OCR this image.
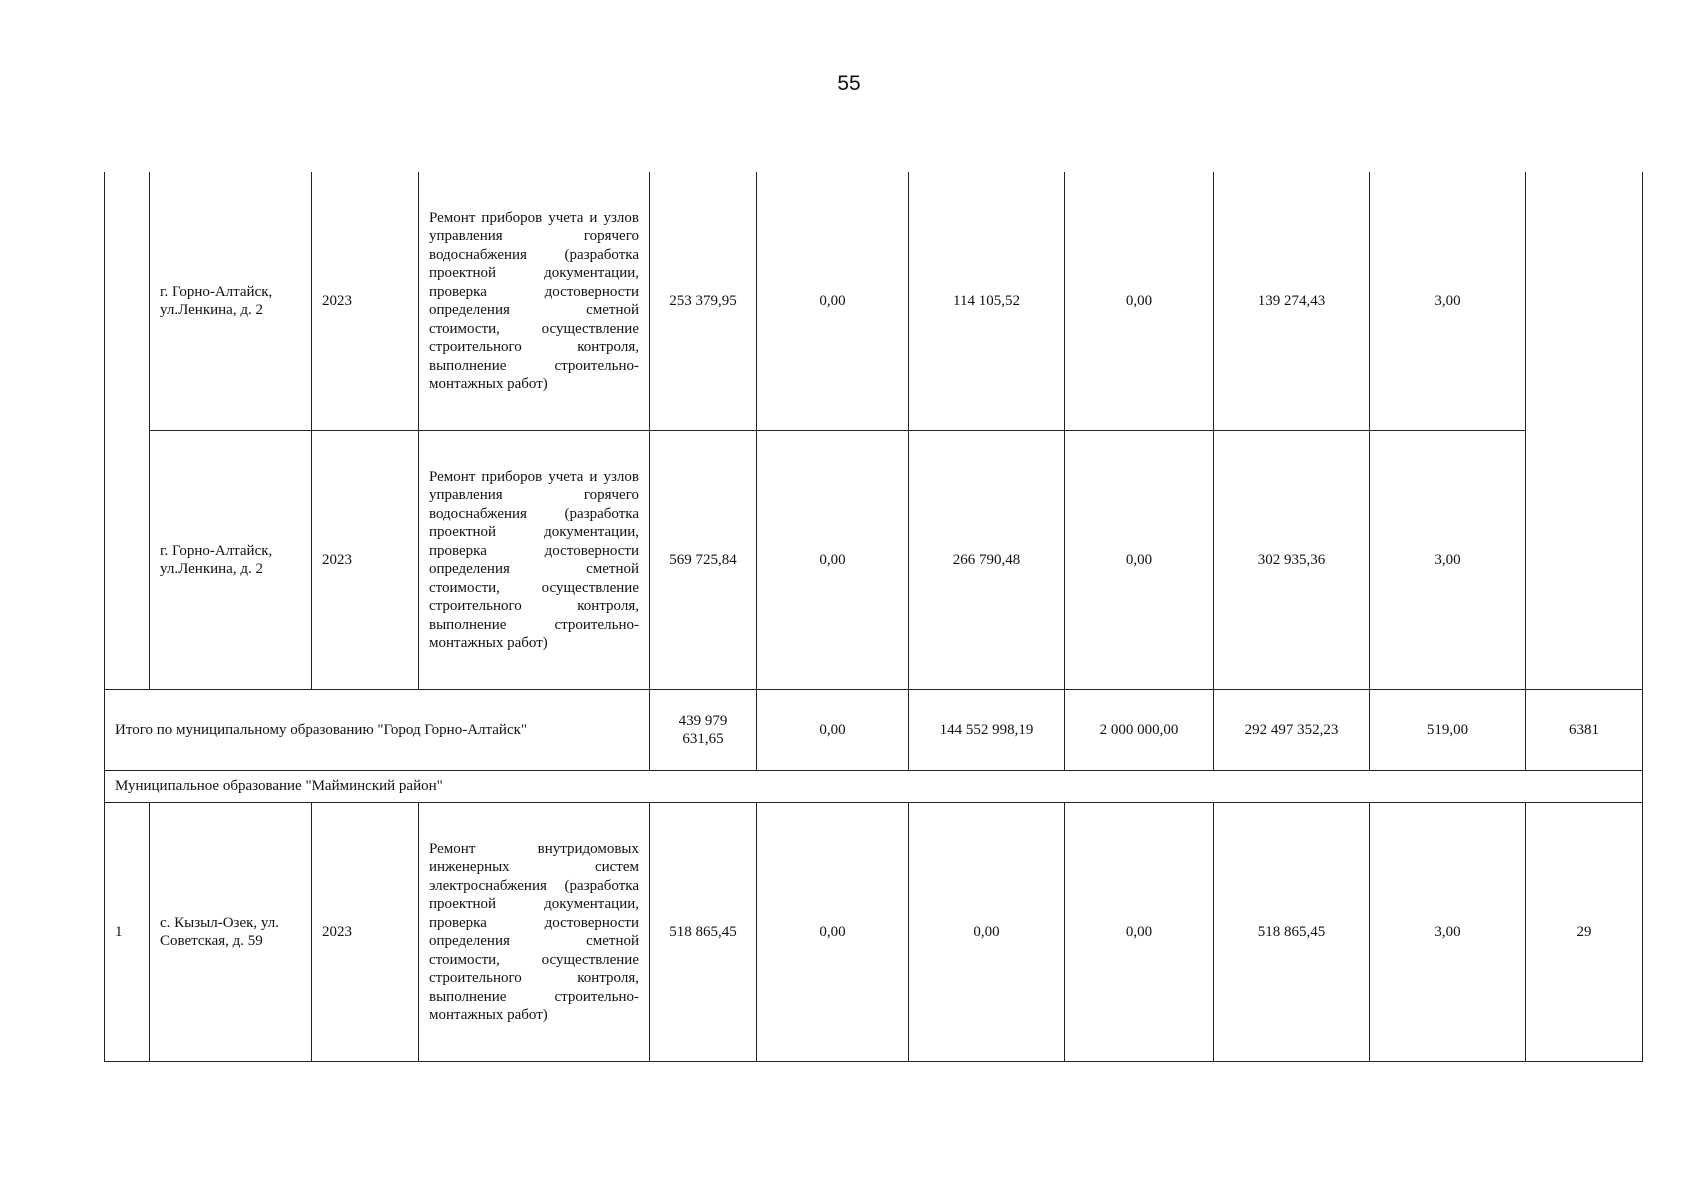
55
	г. Горно-Алтайск, ул.Ленкина, д. 2	2023	Ремонт приборов учета и узлов управления горячего водоснабжения (разработка проектной документации, проверка достоверности определения сметной стоимости, осуществление строительного контроля, выполнение строительно-монтажных работ)	253 379,95	0,00	114 105,52	0,00	139 274,43	3,00	
	г. Горно-Алтайск, ул.Ленкина, д. 2	2023	Ремонт приборов учета и узлов управления горячего водоснабжения (разработка проектной документации, проверка достоверности определения сметной стоимости, осуществление строительного контроля, выполнение строительно-монтажных работ)	569 725,84	0,00	266 790,48	0,00	302 935,36	3,00	
Итого по муниципальному образованию "Город Горно-Алтайск"				439 979 631,65	0,00	144 552 998,19	2 000 000,00	292 497 352,23	519,00	6381
Муниципальное образование "Майминский район"										
1	с. Кызыл-Озек, ул. Советская, д. 59	2023	Ремонт внутридомовых инженерных систем электроснабжения (разработка проектной документации, проверка достоверности определения сметной стоимости, осуществление строительного контроля, выполнение строительно-монтажных работ)	518 865,45	0,00	0,00	0,00	518 865,45	3,00	29
